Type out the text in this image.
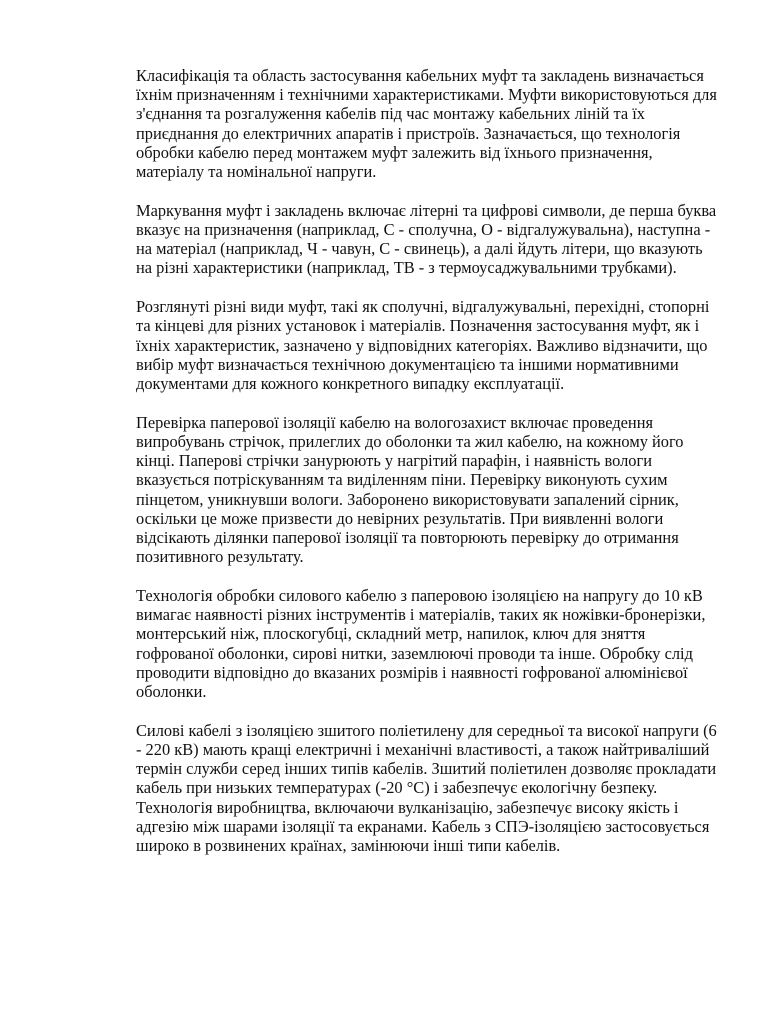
Класифікація та область застосування кабельних муфт та закладень визначається їхнім призначенням і технічними характеристиками. Муфти використовуються для з'єднання та розгалуження кабелів під час монтажу кабельних ліній та їх приєднання до електричних апаратів і пристроїв. Зазначається, що технологія обробки кабелю перед монтажем муфт залежить від їхнього призначення, матеріалу та номінальної напруги.

Маркування муфт і закладень включає літерні та цифрові символи, де перша буква вказує на призначення (наприклад, С - сполучна, О - відгалужувальна), наступна - на матеріал (наприклад, Ч - чавун, С - свинець), а далі йдуть літери, що вказують на різні характеристики (наприклад, ТВ - з термоусаджувальними трубками).

Розглянуті різні види муфт, такі як сполучні, відгалужувальні, перехідні, стопорні та кінцеві для різних установок і матеріалів. Позначення застосування муфт, як і їхніх характеристик, зазначено у відповідних категоріях. Важливо відзначити, що вибір муфт визначається технічною документацією та іншими нормативними документами для кожного конкретного випадку експлуатації.

Перевірка паперової ізоляції кабелю на вологозахист включає проведення випробувань стрічок, прилеглих до оболонки та жил кабелю, на кожному його кінці. Паперові стрічки занурюють у нагрітий парафін, і наявність вологи вказується потріскуванням та виділенням піни. Перевірку виконують сухим пінцетом, уникнувши вологи. Заборонено використовувати запалений сірник, оскільки це може призвести до невірних результатів. При виявленні вологи відсікають ділянки паперової ізоляції та повторюють перевірку до отримання позитивного результату.

Технологія обробки силового кабелю з паперовою ізоляцією на напругу до 10 кВ вимагає наявності різних інструментів і матеріалів, таких як ножівки-бронерізки, монтерський ніж, плоскогубці, складний метр, напилок, ключ для зняття гофрованої оболонки, сирові нитки, заземлюючі проводи та інше. Обробку слід проводити відповідно до вказаних розмірів і наявності гофрованої алюмінієвої оболонки.

Силові кабелі з ізоляцією зшитого поліетилену для середньої та високої напруги (6 - 220 кВ) мають кращі електричні і механічні властивості, а також найтриваліший термін служби серед інших типів кабелів. Зшитий поліетилен дозволяє прокладати кабель при низьких температурах (-20 °С) і забезпечує екологічну безпеку. Технологія виробництва, включаючи вулканізацію, забезпечує високу якість і адгезію між шарами ізоляції та екранами. Кабель з СПЭ-ізоляцією застосовується широко в розвинених країнах, замінюючи інші типи кабелів.
